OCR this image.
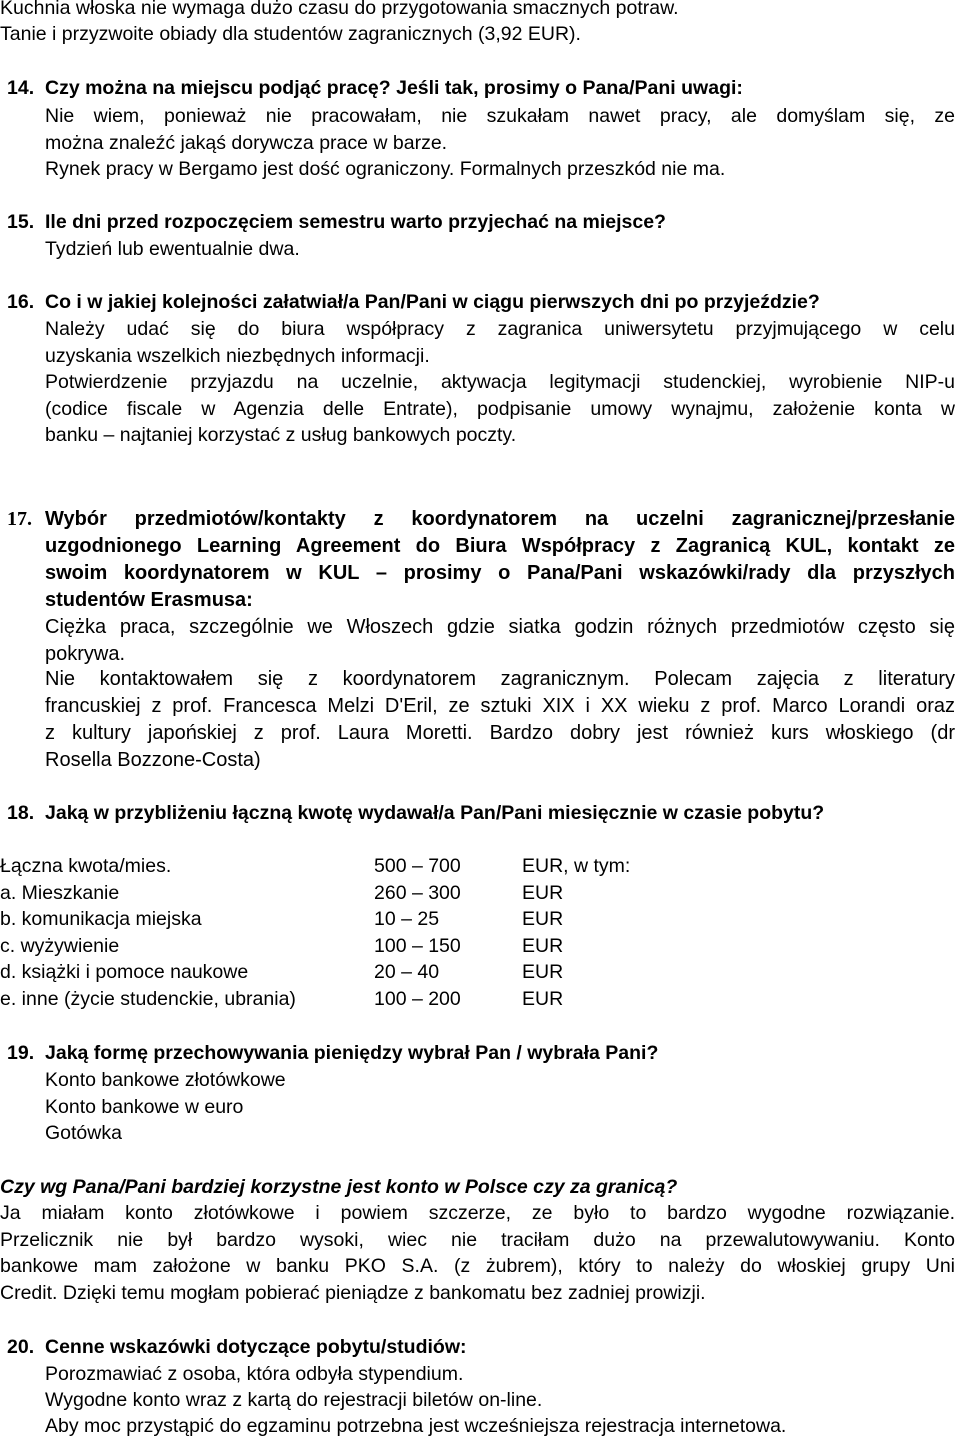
Kuchnia włoska nie wymaga dużo czasu do przygotowania smacznych potraw.
Tanie i przyzwoite obiady dla studentów zagranicznych (3,92 EUR).
14. Czy można na miejscu podjąć pracę? Jeśli tak, prosimy o Pana/Pani uwagi:
Nie wiem, ponieważ nie pracowałam, nie szukałam nawet pracy, ale domyślam się, ze
można znaleźć jakąś dorywcza prace w barze.
Rynek pracy w Bergamo jest dość ograniczony. Formalnych przeszkód nie ma.
15. Ile dni przed rozpoczęciem semestru warto przyjechać na miejsce?
Tydzień lub ewentualnie dwa.
16. Co i w jakiej kolejności załatwiał/a Pan/Pani w ciągu pierwszych dni po przyjeździe?
Należy udać się do biura współpracy z zagranica uniwersytetu przyjmującego w celu
uzyskania wszelkich niezbędnych informacji.
Potwierdzenie przyjazdu na uczelnie, aktywacja legitymacji studenckiej, wyrobienie NIP-u
(codice fiscale w Agenzia delle Entrate), podpisanie umowy wynajmu, założenie konta w
banku – najtaniej korzystać z usług bankowych poczty.
17. Wybór przedmiotów/kontakty z koordynatorem na uczelni zagranicznej/przesłanie
uzgodnionego Learning Agreement do Biura Współpracy z Zagranicą KUL, kontakt ze
swoim koordynatorem w KUL – prosimy o Pana/Pani wskazówki/rady dla przyszłych
studentów Erasmusa:
Ciężka praca, szczególnie we Włoszech gdzie siatka godzin różnych przedmiotów często się
pokrywa.
Nie kontaktowałem się z koordynatorem zagranicznym. Polecam zajęcia z literatury
francuskiej z prof. Francesca Melzi D'Eril, ze sztuki XIX i XX wieku z prof. Marco Lorandi oraz
z kultury japońskiej z prof. Laura Moretti. Bardzo dobry jest również kurs włoskiego (dr
Rosella Bozzone-Costa)
18. Jaką w przybliżeniu łączną kwotę wydawał/a Pan/Pani miesięcznie w czasie pobytu?
Łączna kwota/mies.	500 – 700	EUR, w tym:
a. Mieszkanie	260 – 300	EUR
b. komunikacja miejska	10 – 25	EUR
c. wyżywienie	100 – 150	EUR
d. książki i pomoce naukowe	20 – 40	EUR
e. inne (życie studenckie, ubrania)	100 – 200	EUR
19. Jaką formę przechowywania pieniędzy wybrał Pan / wybrała Pani?
Konto bankowe złotówkowe
Konto bankowe w euro
Gotówka
Czy wg Pana/Pani bardziej korzystne jest konto w Polsce czy za granicą?
Ja miałam konto złotówkowe i powiem szczerze, ze było to bardzo wygodne rozwiązanie.
Przelicznik nie był bardzo wysoki, wiec nie traciłam dużo na przewalutowywaniu. Konto
bankowe mam założone w banku PKO S.A. (z żubrem), który to należy do włoskiej grupy Uni
Credit. Dzięki temu mogłam pobierać pieniądze z bankomatu bez zadniej prowizji.
20. Cenne wskazówki dotyczące pobytu/studiów:
Porozmawiać z osoba, która odbyła stypendium.
Wygodne konto wraz z kartą do rejestracji biletów on-line.
Aby moc przystąpić do egzaminu potrzebna jest wcześniejsza rejestracja internetowa.
